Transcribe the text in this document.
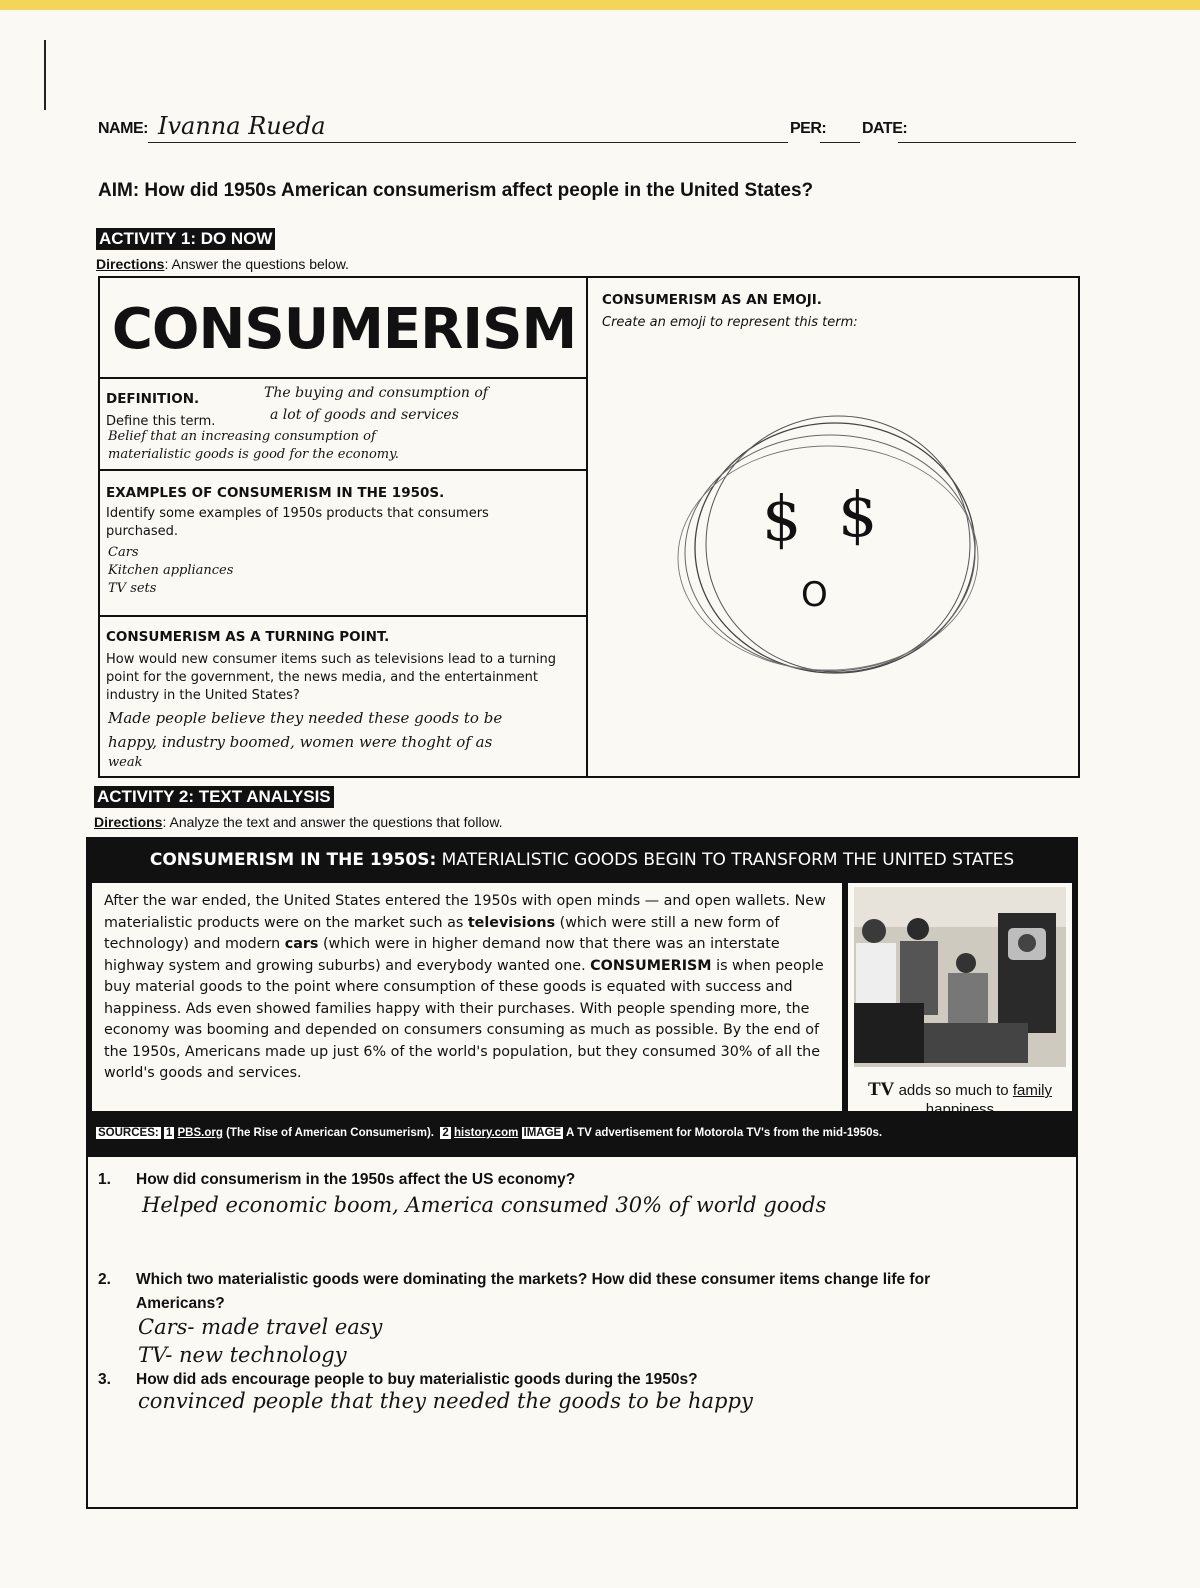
NAME: Ivanna Rueda	PER: DATE:
AIM: How did 1950s American consumerism affect people in the United States?
ACTIVITY 1: DO NOW
Directions: Answer the questions below.
CONSUMERISM
DEFINITION.
Define this term.
The buying and consumption of
a lot of goods and services
Belief that an increasing consumption of
materialistic goods is good for the economy.
EXAMPLES OF CONSUMERISM IN THE 1950S.
Identify some examples of 1950s products that consumers purchased.
Cars
Kitchen appliances
TV sets
CONSUMERISM AS A TURNING POINT.
How would new consumer items such as televisions lead to a turning point for the government, the news media, and the entertainment industry in the United States?
Made people believe they needed these goods to be
happy, industry boomed, women were thoght of as
weak
CONSUMERISM AS AN EMOJI.
Create an emoji to represent this term:
$ $
O
ACTIVITY 2: TEXT ANALYSIS
Directions: Analyze the text and answer the questions that follow.
CONSUMERISM IN THE 1950S: MATERIALISTIC GOODS BEGIN TO TRANSFORM THE UNITED STATES
After the war ended, the United States entered the 1950s with open minds — and open wallets. New materialistic products were on the market such as televisions (which were still a new form of technology) and modern cars (which were in higher demand now that there was an interstate highway system and growing suburbs) and everybody wanted one. CONSUMERISM is when people buy material goods to the point where consumption of these goods is equated with success and happiness. Ads even showed families happy with their purchases. With people spending more, the economy was booming and depended on consumers consuming as much as possible. By the end of the 1950s, Americans made up just 6% of the world's population, but they consumed 30% of all the world's goods and services.
TV adds so much to family happiness
SOURCES: 1 PBS.org (The Rise of American Consumerism).  2 history.com IMAGE A TV advertisement for Motorola TV's from the mid-1950s.
1. How did consumerism in the 1950s affect the US economy?
Helped economic boom, America consumed 30% of world goods
2. Which two materialistic goods were dominating the markets? How did these consumer items change life for
Americans?
Cars- made travel easy
TV- new technology
3. How did ads encourage people to buy materialistic goods during the 1950s?
convinced people that they needed the goods to be happy
